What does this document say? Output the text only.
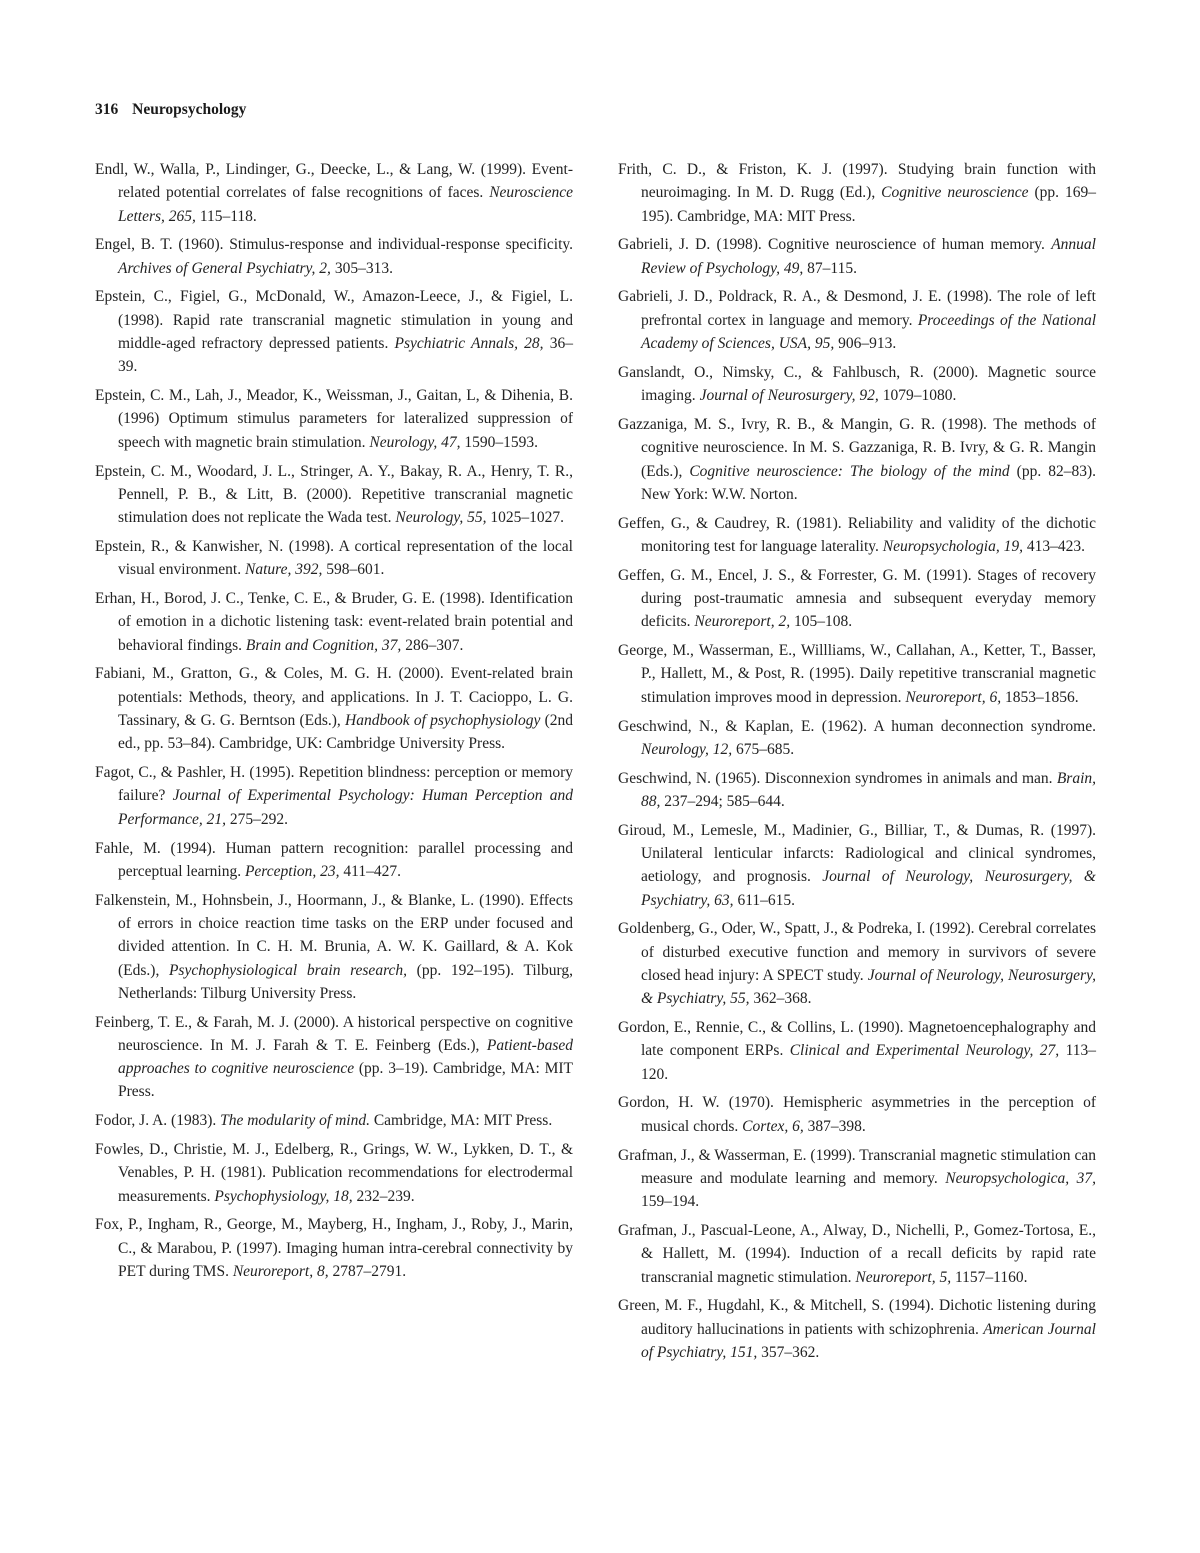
316 Neuropsychology

Endl, W., Walla, P., Lindinger, G., Deecke, L., & Lang, W. (1999). Event-related potential correlates of false recognitions of faces. Neuroscience Letters, 265, 115–118.

Engel, B. T. (1960). Stimulus-response and individual-response specificity. Archives of General Psychiatry, 2, 305–313.

Epstein, C., Figiel, G., McDonald, W., Amazon-Leece, J., & Figiel, L. (1998). Rapid rate transcranial magnetic stimulation in young and middle-aged refractory depressed patients. Psychiatric Annals, 28, 36–39.

Epstein, C. M., Lah, J., Meador, K., Weissman, J., Gaitan, L, & Dihenia, B. (1996) Optimum stimulus parameters for lateralized suppression of speech with magnetic brain stimulation. Neurology, 47, 1590–1593.

Epstein, C. M., Woodard, J. L., Stringer, A. Y., Bakay, R. A., Henry, T. R., Pennell, P. B., & Litt, B. (2000). Repetitive transcranial magnetic stimulation does not replicate the Wada test. Neurology, 55, 1025–1027.

Epstein, R., & Kanwisher, N. (1998). A cortical representation of the local visual environment. Nature, 392, 598–601.

Erhan, H., Borod, J. C., Tenke, C. E., & Bruder, G. E. (1998). Identification of emotion in a dichotic listening task: event-related brain potential and behavioral findings. Brain and Cognition, 37, 286–307.

Fabiani, M., Gratton, G., & Coles, M. G. H. (2000). Event-related brain potentials: Methods, theory, and applications. In J. T. Cacioppo, L. G. Tassinary, & G. G. Berntson (Eds.), Handbook of psychophysiology (2nd ed., pp. 53–84). Cambridge, UK: Cambridge University Press.

Fagot, C., & Pashler, H. (1995). Repetition blindness: perception or memory failure? Journal of Experimental Psychology: Human Perception and Performance, 21, 275–292.

Fahle, M. (1994). Human pattern recognition: parallel processing and perceptual learning. Perception, 23, 411–427.

Falkenstein, M., Hohnsbein, J., Hoormann, J., & Blanke, L. (1990). Effects of errors in choice reaction time tasks on the ERP under focused and divided attention. In C. H. M. Brunia, A. W. K. Gaillard, & A. Kok (Eds.), Psychophysiological brain research, (pp. 192–195). Tilburg, Netherlands: Tilburg University Press.

Feinberg, T. E., & Farah, M. J. (2000). A historical perspective on cognitive neuroscience. In M. J. Farah & T. E. Feinberg (Eds.), Patient-based approaches to cognitive neuroscience (pp. 3–19). Cambridge, MA: MIT Press.

Fodor, J. A. (1983). The modularity of mind. Cambridge, MA: MIT Press.

Fowles, D., Christie, M. J., Edelberg, R., Grings, W. W., Lykken, D. T., & Venables, P. H. (1981). Publication recommendations for electrodermal measurements. Psychophysiology, 18, 232–239.

Fox, P., Ingham, R., George, M., Mayberg, H., Ingham, J., Roby, J., Marin, C., & Marabou, P. (1997). Imaging human intra-cerebral connectivity by PET during TMS. Neuroreport, 8, 2787–2791.

Frith, C. D., & Friston, K. J. (1997). Studying brain function with neuroimaging. In M. D. Rugg (Ed.), Cognitive neuroscience (pp. 169–195). Cambridge, MA: MIT Press.

Gabrieli, J. D. (1998). Cognitive neuroscience of human memory. Annual Review of Psychology, 49, 87–115.

Gabrieli, J. D., Poldrack, R. A., & Desmond, J. E. (1998). The role of left prefrontal cortex in language and memory. Proceedings of the National Academy of Sciences, USA, 95, 906–913.

Ganslandt, O., Nimsky, C., & Fahlbusch, R. (2000). Magnetic source imaging. Journal of Neurosurgery, 92, 1079–1080.

Gazzaniga, M. S., Ivry, R. B., & Mangin, G. R. (1998). The methods of cognitive neuroscience. In M. S. Gazzaniga, R. B. Ivry, & G. R. Mangin (Eds.), Cognitive neuroscience: The biology of the mind (pp. 82–83). New York: W.W. Norton.

Geffen, G., & Caudrey, R. (1981). Reliability and validity of the dichotic monitoring test for language laterality. Neuropsychologia, 19, 413–423.

Geffen, G. M., Encel, J. S., & Forrester, G. M. (1991). Stages of recovery during post-traumatic amnesia and subsequent everyday memory deficits. Neuroreport, 2, 105–108.

George, M., Wasserman, E., Willliams, W., Callahan, A., Ketter, T., Basser, P., Hallett, M., & Post, R. (1995). Daily repetitive transcranial magnetic stimulation improves mood in depression. Neuroreport, 6, 1853–1856.

Geschwind, N., & Kaplan, E. (1962). A human deconnection syndrome. Neurology, 12, 675–685.

Geschwind, N. (1965). Disconnexion syndromes in animals and man. Brain, 88, 237–294; 585–644.

Giroud, M., Lemesle, M., Madinier, G., Billiar, T., & Dumas, R. (1997). Unilateral lenticular infarcts: Radiological and clinical syndromes, aetiology, and prognosis. Journal of Neurology, Neurosurgery, & Psychiatry, 63, 611–615.

Goldenberg, G., Oder, W., Spatt, J., & Podreka, I. (1992). Cerebral correlates of disturbed executive function and memory in survivors of severe closed head injury: A SPECT study. Journal of Neurology, Neurosurgery, & Psychiatry, 55, 362–368.

Gordon, E., Rennie, C., & Collins, L. (1990). Magnetoencephalography and late component ERPs. Clinical and Experimental Neurology, 27, 113–120.

Gordon, H. W. (1970). Hemispheric asymmetries in the perception of musical chords. Cortex, 6, 387–398.

Grafman, J., & Wasserman, E. (1999). Transcranial magnetic stimulation can measure and modulate learning and memory. Neuropsychologica, 37, 159–194.

Grafman, J., Pascual-Leone, A., Alway, D., Nichelli, P., Gomez-Tortosa, E., & Hallett, M. (1994). Induction of a recall deficits by rapid rate transcranial magnetic stimulation. Neuroreport, 5, 1157–1160.

Green, M. F., Hugdahl, K., & Mitchell, S. (1994). Dichotic listening during auditory hallucinations in patients with schizophrenia. American Journal of Psychiatry, 151, 357–362.
